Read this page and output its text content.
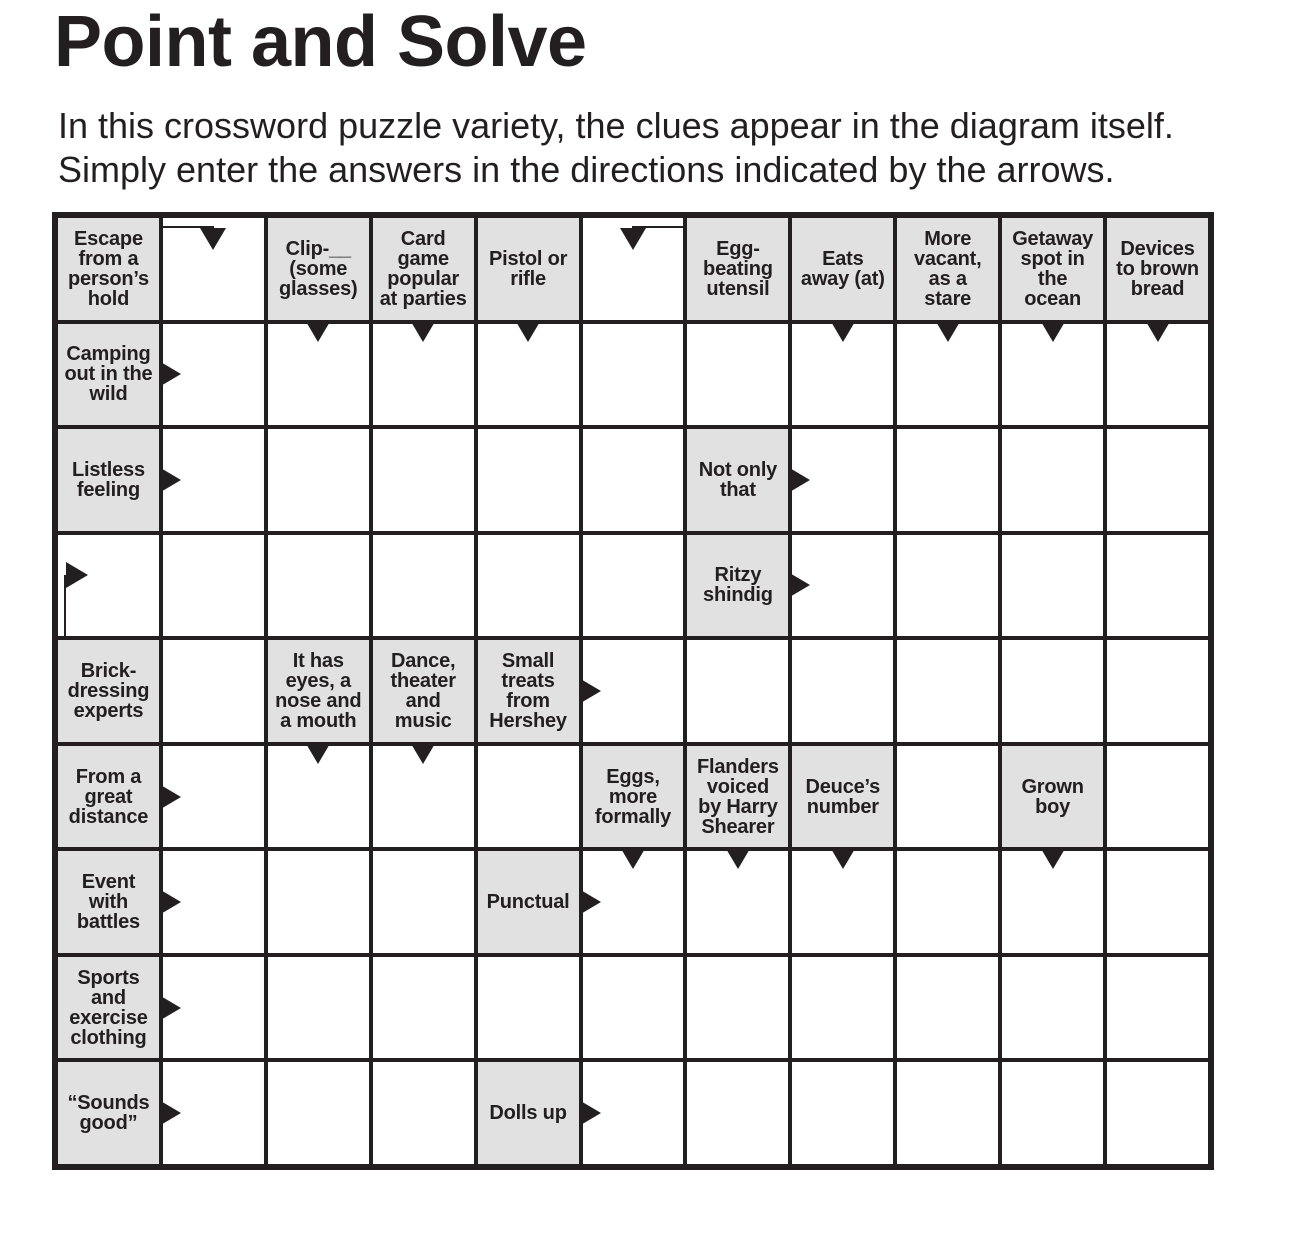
Point and Solve

In this crossword puzzle variety, the clues appear in the diagram itself.

Simply enter the answers in the directions indicated by the arrows.

Escape
from a
person’s
hold
Clip-__
(some
glasses)
Card
game
popular
at parties
Pistol or
rifle
Egg-
beating
utensil
Eats
away (at)
More
vacant,
as a
stare
Getaway
spot in
the
ocean
Devices
to brown
bread
Camping
out in the
wild
Listless
feeling
Not only
that
Ritzy
shindig
Brick-
dressing
experts
It has
eyes, a
nose and
a mouth
Dance,
theater
and
music
Small
treats
from
Hershey
From a
great
distance
Eggs,
more
formally
Flanders
voiced
by Harry
Shearer
Deuce’s
number
Grown
boy
Event
with
battles
Punctual
Sports
and
exercise
clothing
“Sounds
good”	Dolls up
